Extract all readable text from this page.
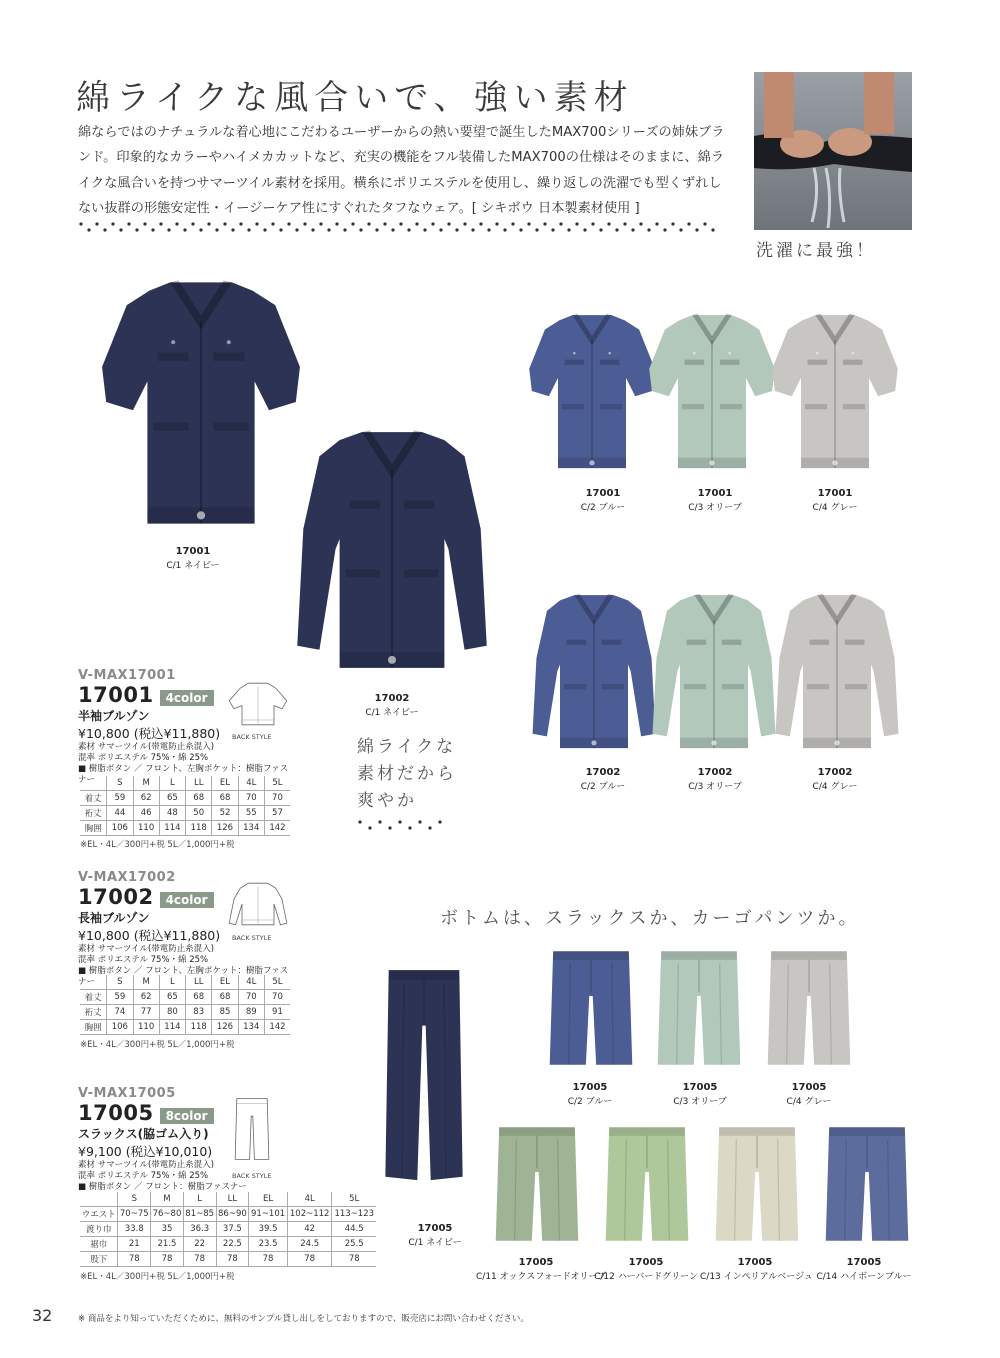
綿ライクな風合いで、強い素材

綿ならではのナチュラルな着心地にこだわるユーザーからの熱い要望で誕生したMAX700シリーズの姉妹ブランド。印象的なカラーやハイメカカットなど、充実の機能をフル装備したMAX700の仕様はそのままに、綿ライクな風合いを持つサマーツイル素材を採用。横糸にポリエステルを使用し、繰り返しの洗濯でも型くずれしない抜群の形態安定性・イージーケア性にすぐれたタフなウェア。[ シキボウ 日本製素材使用 ]

洗濯に最強！
17001
C/1 ネイビー
17002
C/1 ネイビー
17001
C/2 ブルー
17001
C/3 オリーブ
17001
C/4 グレー
17002
C/2 ブルー
17002
C/3 オリーブ
17002
C/4 グレー
綿ライクな
素材だから
爽やか
V-MAX17001
17001 4color
半袖ブルゾン
¥10,800 (税込¥11,880)
素材 サマーツイル(帯電防止糸混入)
混率 ポリエステル 75%・綿 25%
■ 樹脂ボタン ／ フロント、左胸ポケット：樹脂ファスナー
BACK STYLE
	S	M	L	LL	EL	4L	5L
着丈	59	62	65	68	68	70	70
裄丈	44	46	48	50	52	55	57
胸囲	106	110	114	118	126	134	142
※EL・4L／300円+税 5L／1,000円+税
V-MAX17002
17002 4color
長袖ブルゾン
¥10,800 (税込¥11,880)
素材 サマーツイル(帯電防止糸混入)
混率 ポリエステル 75%・綿 25%
■ 樹脂ボタン ／ フロント、左胸ポケット：樹脂ファスナー
BACK STYLE
	S	M	L	LL	EL	4L	5L
着丈	59	62	65	68	68	70	70
裄丈	74	77	80	83	85	89	91
胸囲	106	110	114	118	126	134	142
※EL・4L／300円+税 5L／1,000円+税
V-MAX17005
17005 8color
スラックス(脇ゴム入り)
¥9,100 (税込¥10,010)
素材 サマーツイル(帯電防止糸混入)
混率 ポリエステル 75%・綿 25%
■ 樹脂ボタン ／ フロント：樹脂ファスナー
BACK STYLE
	S	M	L	LL	EL	4L	5L
ウエスト	70~75	76~80	81~85	86~90	91~101	102~112	113~123
渡り巾	33.8	35	36.3	37.5	39.5	42	44.5
裾巾	21	21.5	22	22.5	23.5	24.5	25.5
股下	78	78	78	78	78	78	78
※EL・4L／300円+税 5L／1,000円+税
ボトムは、スラックスか、カーゴパンツか。
17005
C/1 ネイビー
17005
C/2 ブルー
17005
C/3 オリーブ
17005
C/4 グレー
17005
C/11 オックスフォードオリーブ
17005
C/12 ハーバードグリーン
17005
C/13 インペリアルベージュ
17005
C/14 ハイボーンブルー
32	※ 商品をより知っていただくために、無料のサンプル貸し出しをしておりますので、販売店にお問い合わせください。
